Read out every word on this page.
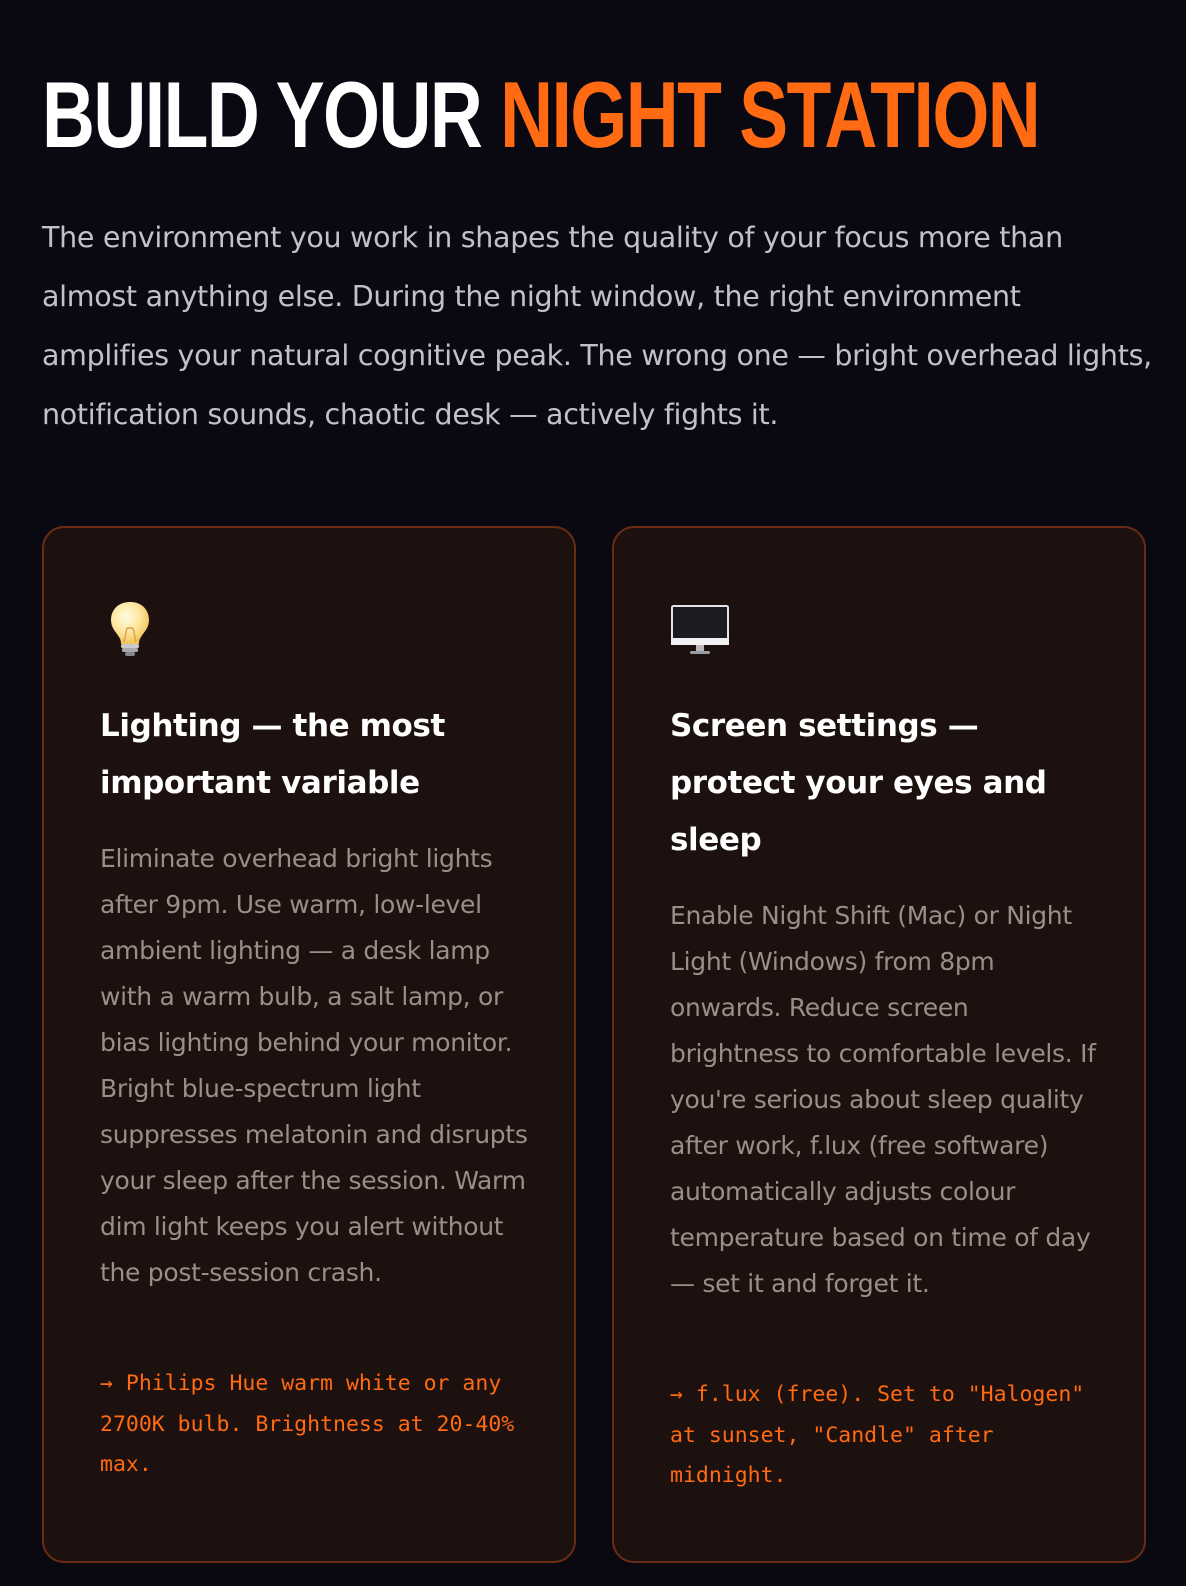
BUILD YOUR NIGHT STATION

The environment you work in shapes the quality of your focus more than almost anything else. During the night window, the right environment amplifies your natural cognitive peak. The wrong one — bright overhead lights, notification sounds, chaotic desk — actively fights it.

Lighting — the most important variable

Eliminate overhead bright lights after 9pm. Use warm, low-level ambient lighting — a desk lamp with a warm bulb, a salt lamp, or bias lighting behind your monitor. Bright blue-spectrum light suppresses melatonin and disrupts your sleep after the session. Warm dim light keeps you alert without the post-session crash.

→ Philips Hue warm white or any 2700K bulb. Brightness at 20-40% max.

Screen settings — protect your eyes and sleep

Enable Night Shift (Mac) or Night Light (Windows) from 8pm onwards. Reduce screen brightness to comfortable levels. If you're serious about sleep quality after work, f.lux (free software) automatically adjusts colour temperature based on time of day — set it and forget it.

→ f.lux (free). Set to "Halogen" at sunset, "Candle" after midnight.
